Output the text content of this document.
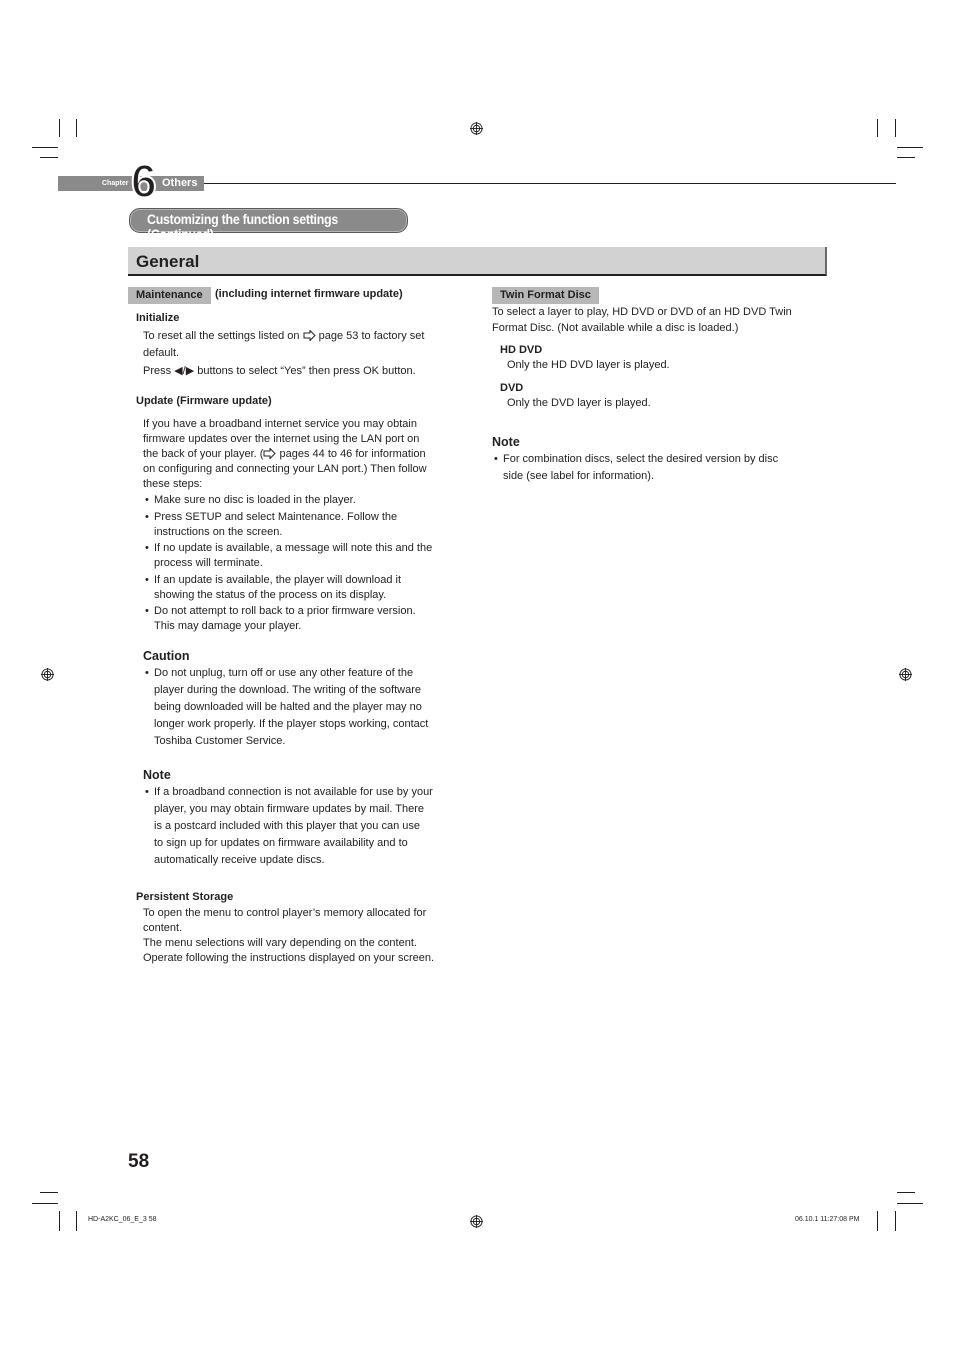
Chapter 6 Others
Customizing the function settings (Continued)
General
Maintenance	(including internet firmware update)
Initialize
To reset all the settings listed on page 53 to factory set
default.
Press ◀/▶ buttons to select “Yes” then press OK button.
Update (Firmware update)
If you have a broadband internet service you may obtain
firmware updates over the internet using the LAN port on
the back of your player. ( pages 44 to 46 for information
on configuring and connecting your LAN port.) Then follow
these steps:
• Make sure no disc is loaded in the player.
• Press SETUP and select Maintenance. Follow the
instructions on the screen.
• If no update is available, a message will note this and the
process will terminate.
• If an update is available, the player will download it
showing the status of the process on its display.
• Do not attempt to roll back to a prior firmware version.
This may damage your player.
Caution
• Do not unplug, turn off or use any other feature of the
player during the download. The writing of the software
being downloaded will be halted and the player may no
longer work properly. If the player stops working, contact
Toshiba Customer Service.
Note
• If a broadband connection is not available for use by your
player, you may obtain firmware updates by mail. There
is a postcard included with this player that you can use
to sign up for updates on firmware availability and to
automatically receive update discs.
Persistent Storage
To open the menu to control player’s memory allocated for
content.
The menu selections will vary depending on the content.
Operate following the instructions displayed on your screen.
Twin Format Disc
To select a layer to play, HD DVD or DVD of an HD DVD Twin
Format Disc. (Not available while a disc is loaded.)
HD DVD
Only the HD DVD layer is played.
DVD
Only the DVD layer is played.
Note
• For combination discs, select the desired version by disc
side (see label for information).
58
HD-A2KC_06_E_3 58	06.10.1 11:27:08 PM
